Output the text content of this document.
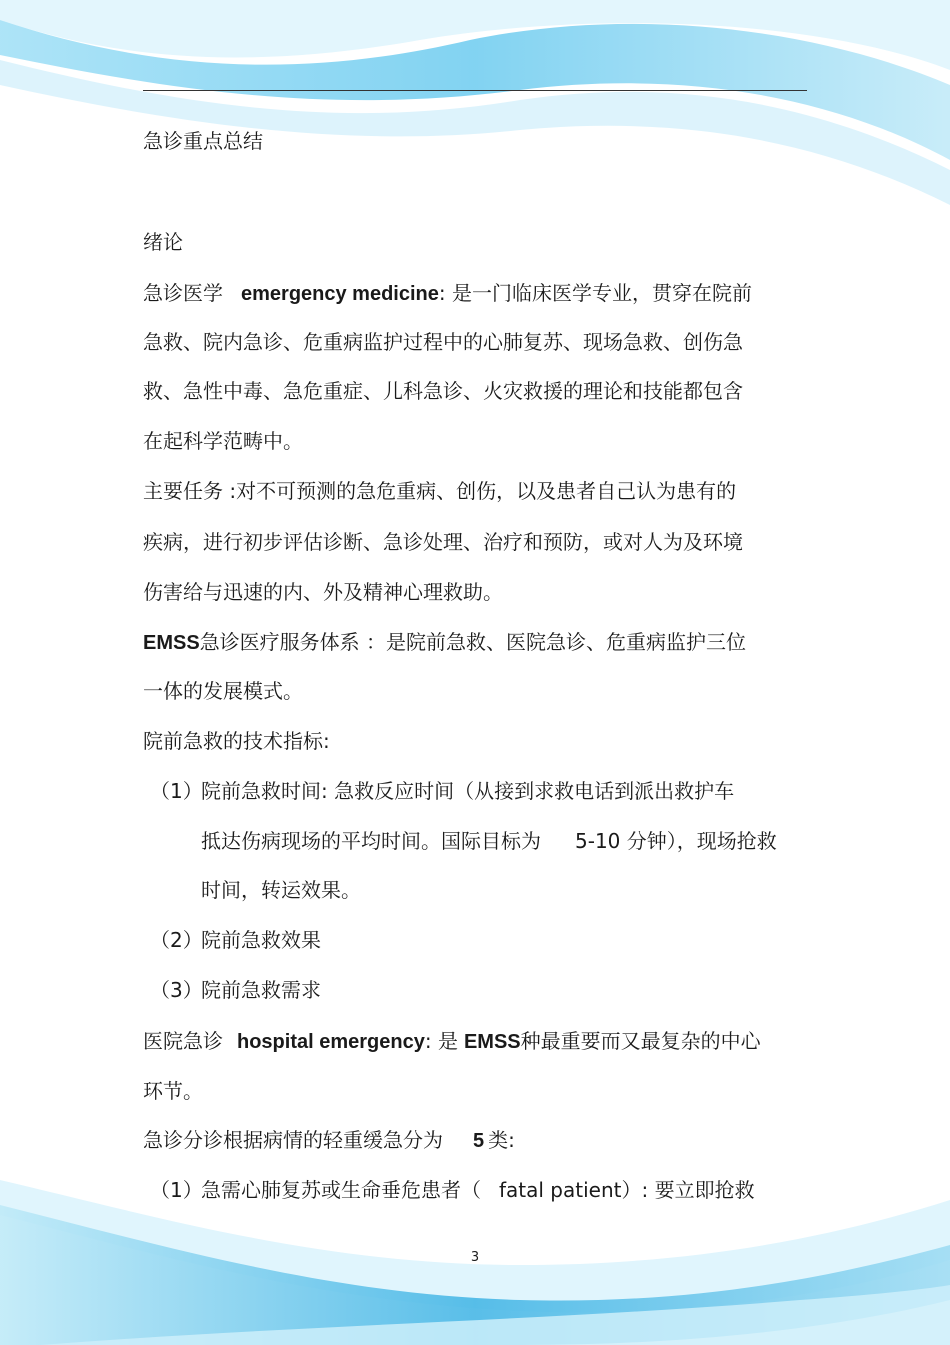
急诊重点总结
绪论
急诊医学 emergency medicine: 是一门临床医学专业，贯穿在院前
急救、院内急诊、危重病监护过程中的心肺复苏、现场急救、创伤急
救、急性中毒、急危重症、儿科急诊、火灾救援的理论和技能都包含
在起科学范畴中。
主要任务 :对不可预测的急危重病、创伤，以及患者自己认为患有的
疾病，进行初步评估诊断、急诊处理、治疗和预防，或对人为及环境
伤害给与迅速的内、外及精神心理救助。
EMSS急诊医疗服务体系 ：是院前急救、医院急诊、危重病监护三位
一体的发展模式。
院前急救的技术指标:
（1）
院前急救时间: 急救反应时间（从接到求救电话到派出救护车
抵达伤病现场的平均时间。国际目标为 5-10 分钟），现场抢救
时间，转运效果。
（2）
院前急救效果
（3）
院前急救需求
医院急诊 hospital emergency: 是 EMSS种最重要而又最复杂的中心
环节。
急诊分诊根据病情的轻重缓急分为 5 类:
（1）
急需心肺复苏或生命垂危患者（ fatal patient）: 要立即抢救
3
